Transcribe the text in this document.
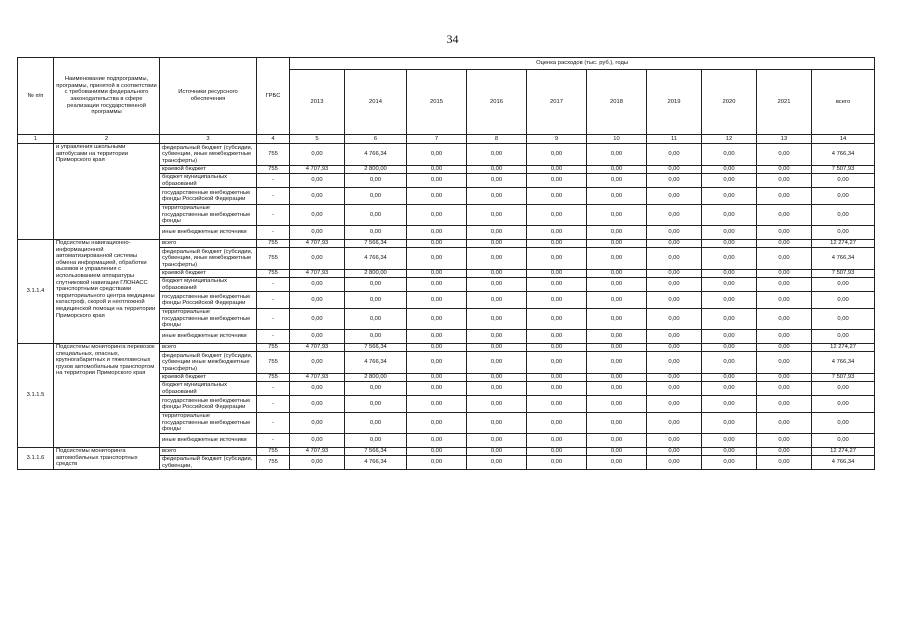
34
№ п/п	Наименование подпрограммы, программы, принятой в соответствии с требованиями федерального законодательства в сфере реализации государственной программы	Источники ресурсного обеспечения	ГРБС	Оценка расходов (тыс. руб.), годы									
				2013	2014	2015	2016	2017	2018	2019	2020	2021	всего
1	2	3	4	5	6	7	8	9	10	11	12	13	14
	и управления школьными автобусами на территории Приморского края	федеральный бюджет (субсидии, субвенции, иные межбюджетные трансферты)	755	0,00	4 766,34	0,00	0,00	0,00	0,00	0,00	0,00	0,00	4 766,34
		краевой бюджет	755	4 707,93	2 800,00	0,00	0,00	0,00	0,00	0,00	0,00	0,00	7 507,93
		бюджет муниципальных образований	-	0,00	0,00	0,00	0,00	0,00	0,00	0,00	0,00	0,00	0,00
		государственные внебюджетные фонды Российской Федерации	-	0,00	0,00	0,00	0,00	0,00	0,00	0,00	0,00	0,00	0,00
		территориальные государственные внебюджетные фонды	-	0,00	0,00	0,00	0,00	0,00	0,00	0,00	0,00	0,00	0,00
		иные внебюджетные источники	-	0,00	0,00	0,00	0,00	0,00	0,00	0,00	0,00	0,00	0,00
3.1.1.4	Подсистемы навигационно-информационной автоматизированной системы обмена информацией, обработки вызовов и управления с использованием аппаратуры спутниковой навигации ГЛОНАСС транспортными средствами территориального центра медицины катастроф, скорой и неотложной медицинской помощи на территории Приморского края	всего	755	4 707,93	7 566,34	0,00	0,00	0,00	0,00	0,00	0,00	0,00	12 274,27
		федеральный бюджет (субсидии, субвенции, иные межбюджетные трансферты)	755	0,00	4 766,34	0,00	0,00	0,00	0,00	0,00	0,00	0,00	4 766,34
		краевой бюджет	755	4 707,93	2 800,00	0,00	0,00	0,00	0,00	0,00	0,00	0,00	7 507,93
		бюджет муниципальных образований	-	0,00	0,00	0,00	0,00	0,00	0,00	0,00	0,00	0,00	0,00
		государственные внебюджетные фонды Российской Федерации	-	0,00	0,00	0,00	0,00	0,00	0,00	0,00	0,00	0,00	0,00
		территориальные государственные внебюджетные фонды	-	0,00	0,00	0,00	0,00	0,00	0,00	0,00	0,00	0,00	0,00
		иные внебюджетные источники	-	0,00	0,00	0,00	0,00	0,00	0,00	0,00	0,00	0,00	0,00
3.1.1.5	Подсистемы мониторинга перевозок специальных, опасных, крупногабаритных и тяжеловесных грузов автомобильным транспортом на территории Приморского края	всего	755	4 707,93	7 566,34	0,00	0,00	0,00	0,00	0,00	0,00	0,00	12 274,27
		федеральный бюджет (субсидии, субвенции иные межбюджетные трансферты)	755	0,00	4 766,34	0,00	0,00	0,00	0,00	0,00	0,00	0,00	4 766,34
		краевой бюджет	755	4 707,93	2 800,00	0,00	0,00	0,00	0,00	0,00	0,00	0,00	7 507,93
		бюджет муниципальных образований	-	0,00	0,00	0,00	0,00	0,00	0,00	0,00	0,00	0,00	0,00
		государственные внебюджетные фонды Российской Федерации	-	0,00	0,00	0,00	0,00	0,00	0,00	0,00	0,00	0,00	0,00
		территориальные государственные внебюджетные фонды	-	0,00	0,00	0,00	0,00	0,00	0,00	0,00	0,00	0,00	0,00
		иные внебюджетные источники	-	0,00	0,00	0,00	0,00	0,00	0,00	0,00	0,00	0,00	0,00
3.1.1.6	Подсистемы мониторинга автомобильных транспортных средств	всего	755	4 707,93	7 566,34	0,00	0,00	0,00	0,00	0,00	0,00	0,00	12 274,27
		федеральный бюджет (субсидии, субвенции,	755	0,00	4 766,34	0,00	0,00	0,00	0,00	0,00	0,00	0,00	4 766,34
